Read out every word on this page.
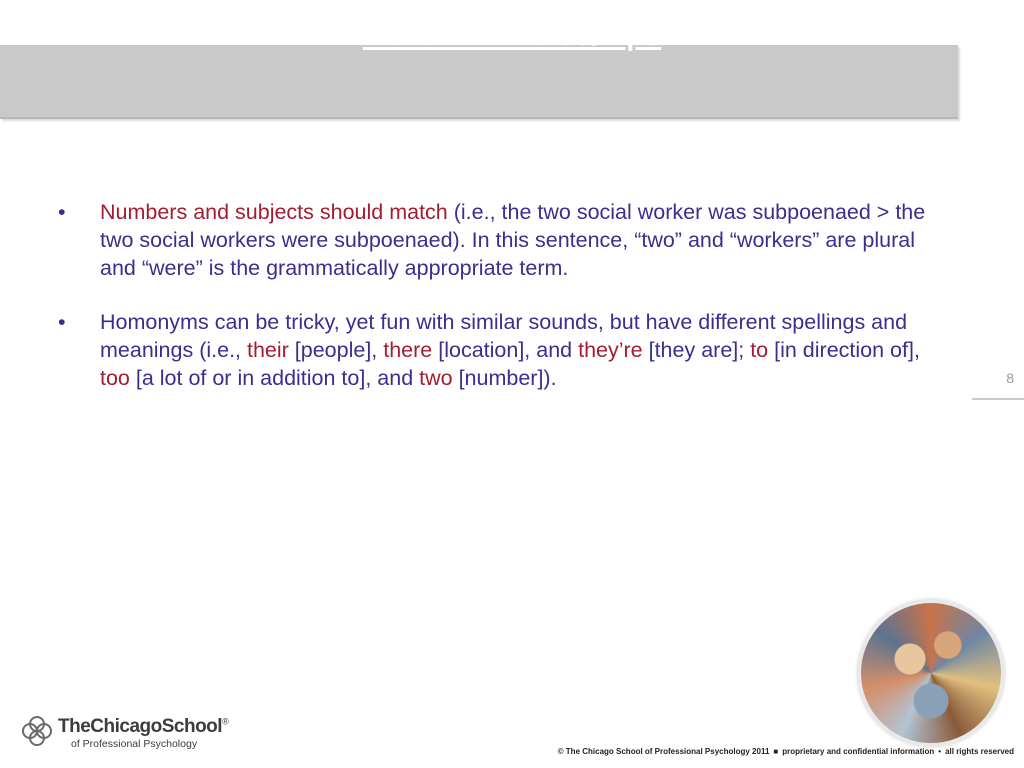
More APA Rules/Tips
• Numbers and subjects should match (i.e., the two social worker was subpoenaed > the two social workers were subpoenaed). In this sentence, “two” and “workers” are plural and “were” is the grammatically appropriate term.
• Homonyms can be tricky, yet fun with similar sounds, but have different spellings and meanings (i.e., their [people], there [location], and they’re [they are]; to [in direction of], too [a lot of or in addition to], and two [number]).	8
TheChicagoSchool®
of Professional Psychology
© The Chicago School of Professional Psychology 2011 ■ proprietary and confidential information • all rights reserved
